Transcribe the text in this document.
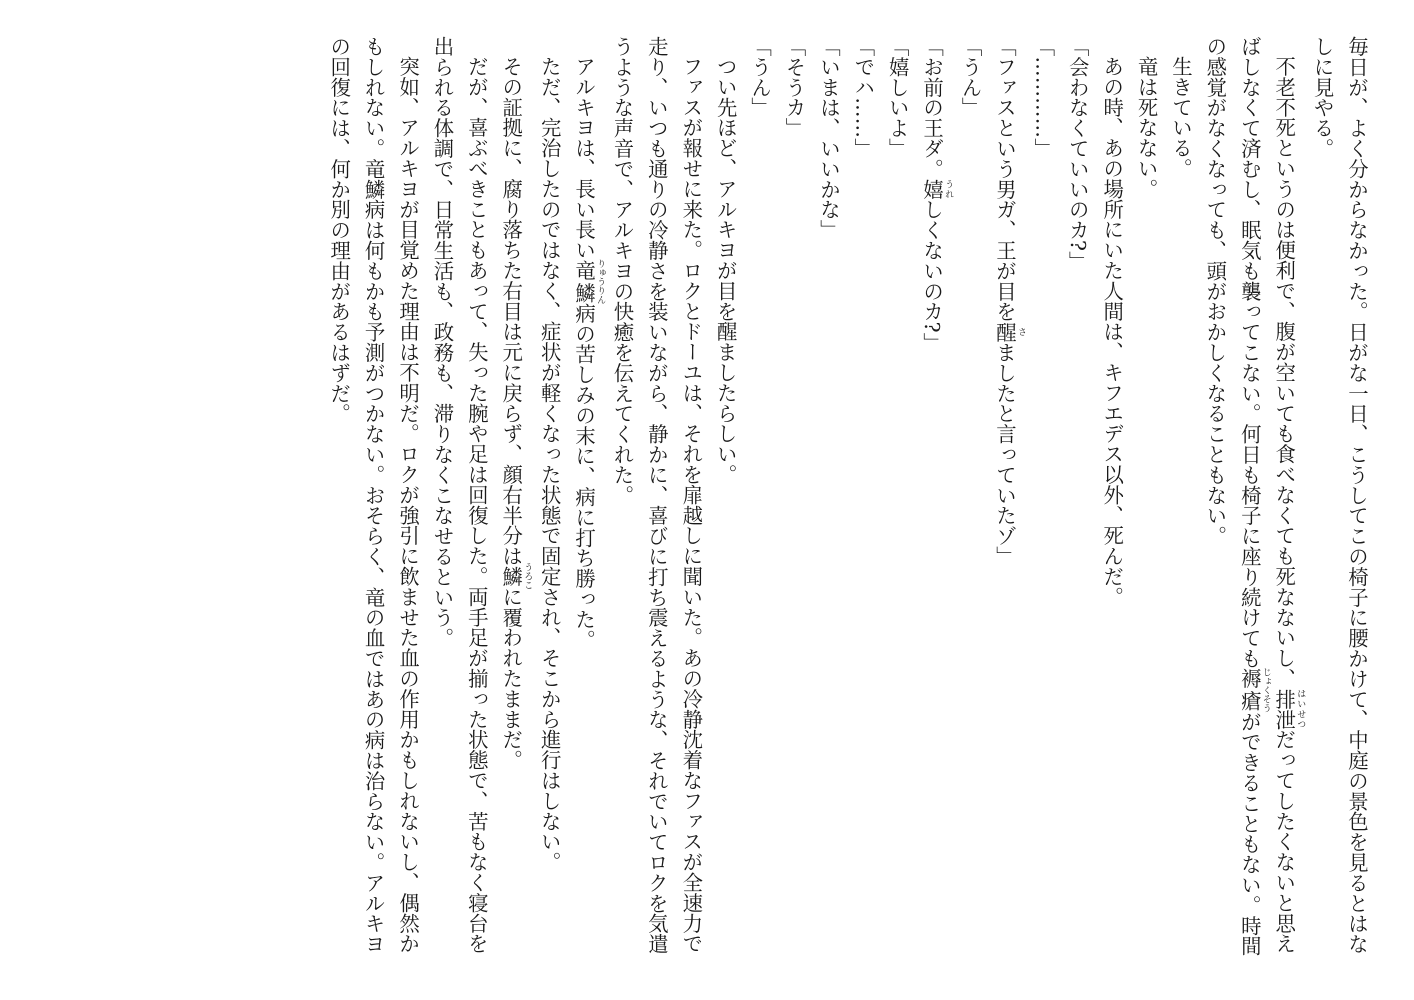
毎日が、よく分からなかった。日がな一日、こうしてこの椅子に腰かけて、中庭の景色を見るとはなしに見やる。

不老不死というのは便利で、腹が空いても食べなくても死なないし、排泄 はいせつだってしたくないと思えばしなくて済むし、眠気も襲ってこない。何日も椅子に座り続けても褥瘡 じょくそうができることもない。時間の感覚がなくなっても、頭がおかしくなることもない。

生きている。

竜は死なない。

あの時、あの場所にいた人間は、キフエデス以外、死んだ。

「会わなくていいのカ?」

「…………」

「ファスという男ガ、王が目を醒 さましたと言っていたゾ」

「うん」

「お前の王ダ。嬉 うれしくないのカ?」

「嬉しいよ」

「でハ……」

「いまは、いいかな」

「そうカ」

「うん」

つい先ほど、アルキヨが目を醒ましたらしい。

ファスが報せに来た。ロクとドーユは、それを扉越しに聞いた。あの冷静沈着なファスが全速力で走り、いつも通りの冷静さを装いながら、静かに、喜びに打ち震えるような、それでいてロクを気遣うような声音で、アルキヨの快癒を伝えてくれた。

アルキヨは、長い長い竜鱗 りゅうりん病の苦しみの末に、病に打ち勝った。

ただ、完治したのではなく、症状が軽くなった状態で固定され、そこから進行はしない。

その証拠に、腐り落ちた右目は元に戻らず、顔右半分は鱗 うろこに覆われたままだ。

だが、喜ぶべきこともあって、失った腕や足は回復した。両手足が揃った状態で、苦もなく寝台を出られる体調で、日常生活も、政務も、滞りなくこなせるという。

突如、アルキヨが目覚めた理由は不明だ。ロクが強引に飲ませた血の作用かもしれないし、偶然かもしれない。竜鱗病は何もかも予測がつかない。おそらく、竜の血ではあの病は治らない。アルキヨの回復には、何か別の理由があるはずだ。
